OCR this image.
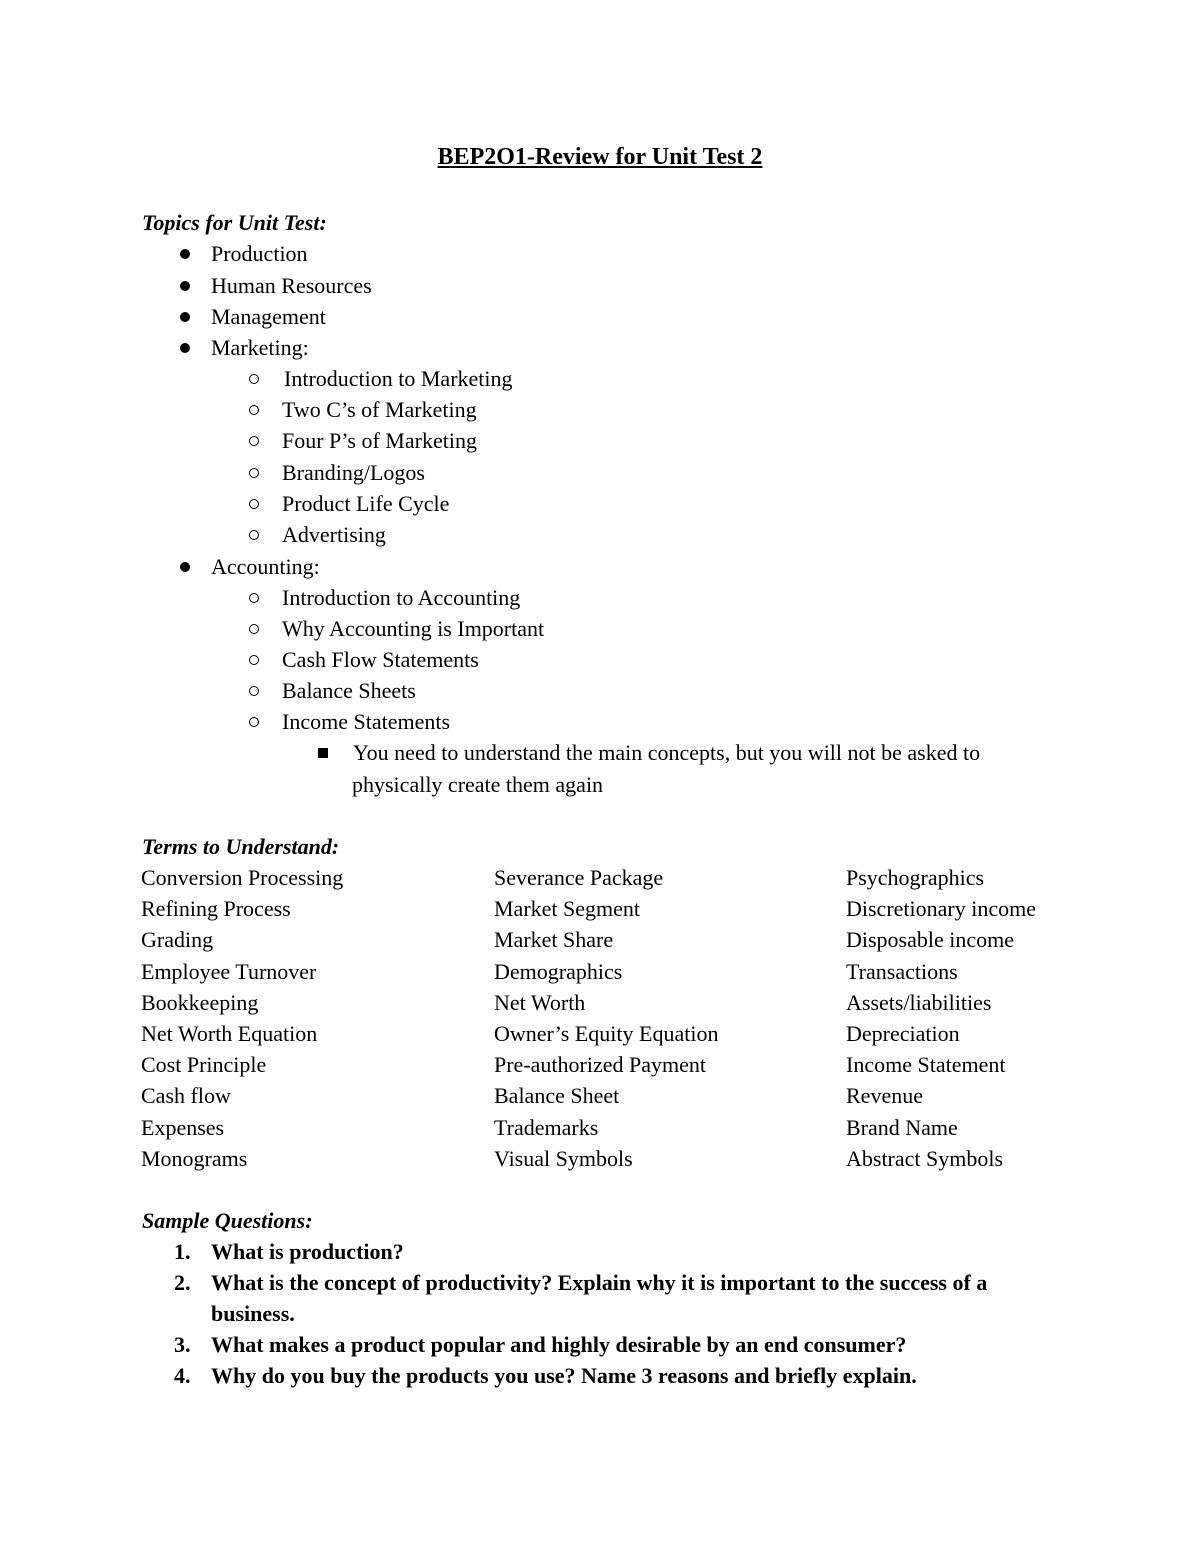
BEP2O1-Review for Unit Test 2
Topics for Unit Test:
Production
Human Resources
Management
Marketing:
Introduction to Marketing
Two C’s of Marketing
Four P’s of Marketing
Branding/Logos
Product Life Cycle
Advertising
Accounting:
Introduction to Accounting
Why Accounting is Important
Cash Flow Statements
Balance Sheets
Income Statements
You need to understand the main concepts, but you will not be asked to
physically create them again
Terms to Understand:
Conversion Processing
Refining Process
Grading
Employee Turnover
Bookkeeping
Net Worth Equation
Cost Principle
Cash flow
Expenses
Monograms
Severance Package
Market Segment
Market Share
Demographics
Net Worth
Owner’s Equity Equation
Pre-authorized Payment
Balance Sheet
Trademarks
Visual Symbols
Psychographics
Discretionary income
Disposable income
Transactions
Assets/liabilities
Depreciation
Income Statement
Revenue
Brand Name
Abstract Symbols
Sample Questions:
1. What is production?
2. What is the concept of productivity? Explain why it is important to the success of a
business.
3. What makes a product popular and highly desirable by an end consumer?
4. Why do you buy the products you use? Name 3 reasons and briefly explain.
